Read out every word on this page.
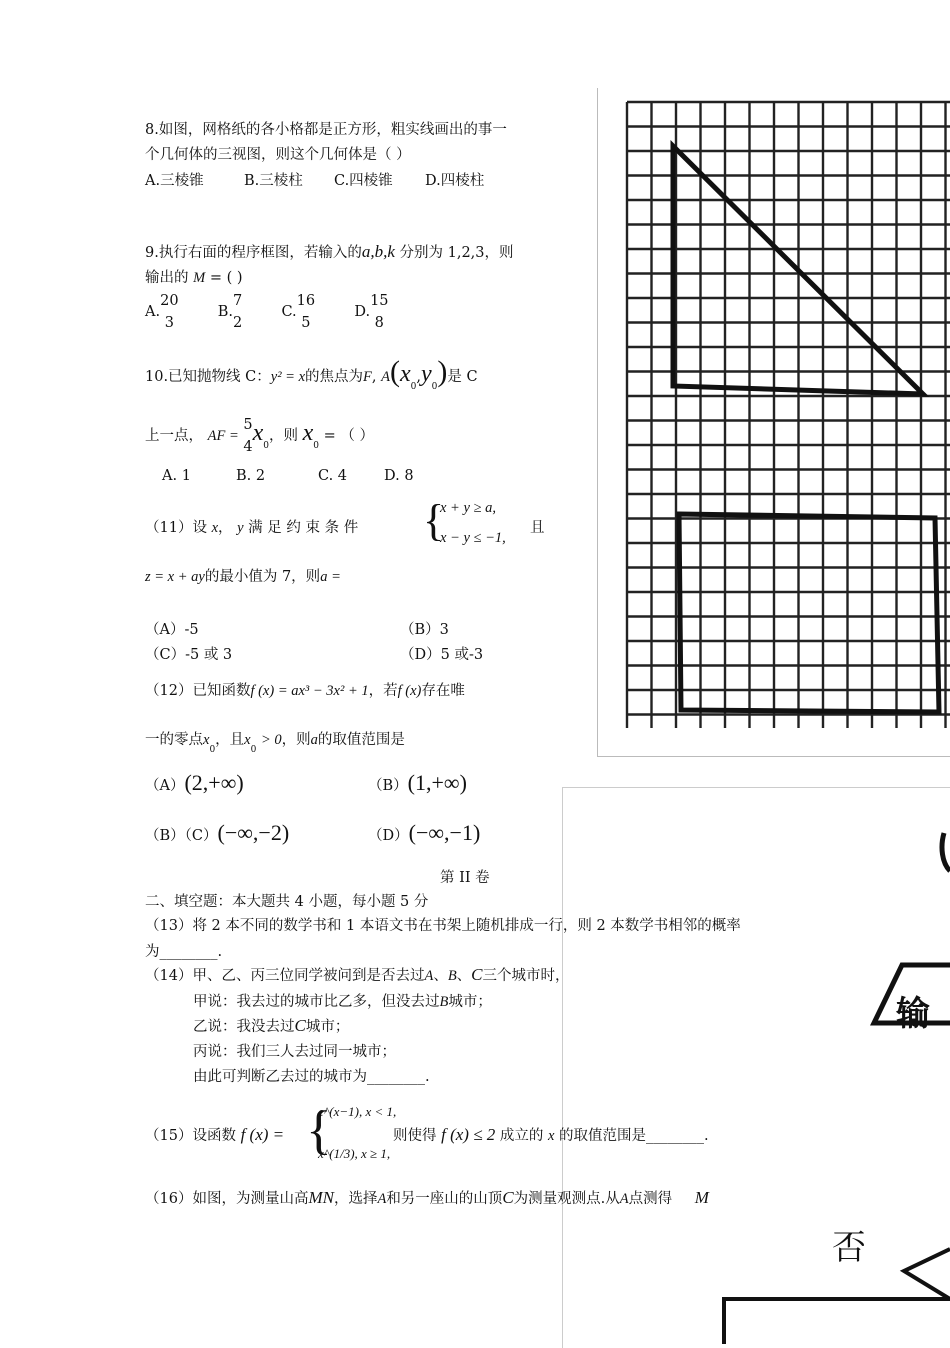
输
否
8.如图，网格纸的各小格都是正方形，粗实线画出的事一
个几何体的三视图，则这个几何体是（ ）
A.三棱锥	B.三棱柱 C.四棱锥 D.四棱柱
9.执行右面的程序框图，若输入的a,b,k 分别为 1,2,3，则
输出的 M = ( )
A.
20
3
B.
7
2
C.
16
5
D.
15
8
10.已知抛物线 C：y² = x的焦点为F, $A(x_0,y_0)$是 C
上一点， AF =
5
4
$x_0$，则 $x_0$ = （ ）
A. 1	B. 2	C. 4	D. 8
（11）设 x， y 满 足 约 束 条 件 {
x + y ≥ a,
x − y ≤ −1,
且
z = x + ay的最小值为 7，则a =
（A）-5	（B）3
（C）-5 或 3	（D）5 或-3
（12）已知函数f (x) = ax³ − 3x² + 1，若f (x)存在唯
一的零点$x_0$，且$x_0 > 0$，则a的取值范围是
（A）(2,+∞)	（B）(1,+∞)
（B）（C）(−∞,−2)	（D）(−∞,−1)
第 II 卷
二、填空题：本大题共 4 小题，每小题 5 分
（13）将 2 本不同的数学书和 1 本语文书在书架上随机排成一行，则 2 本数学书相邻的概率
为________.
（14）甲、乙、丙三位同学被问到是否去过A、B、C三个城市时，
甲说：我去过的城市比乙多，但没去过B城市；
乙说：我没去过C城市；
丙说：我们三人去过同一城市；
由此可判断乙去过的城市为________.
（15）设函数 f (x) = {
e^(x−1), x < 1,
x^(1/3), x ≥ 1,
则使得 f (x) ≤ 2 成立的 x 的取值范围是________.
（16）如图，为测量山高MN，选择A和另一座山的山顶C为测量观测点.从A点测得 M
